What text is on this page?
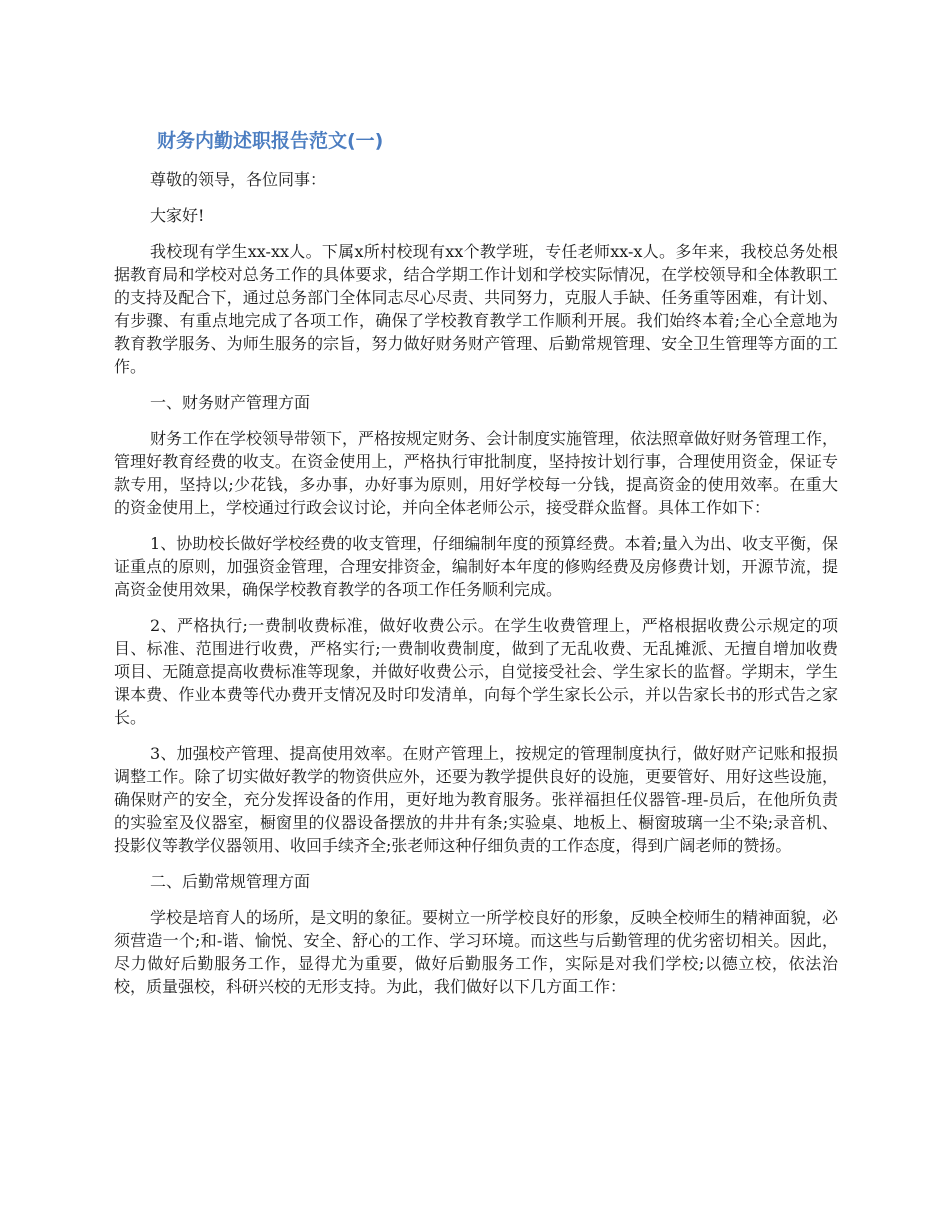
财务内勤述职报告范文(一)

尊敬的领导，各位同事：

大家好!

我校现有学生xx-xx人。下属x所村校现有xx个教学班，专任老师xx-x人。多年来，我校总务处根据教育局和学校对总务工作的具体要求，结合学期工作计划和学校实际情况，在学校领导和全体教职工的支持及配合下，通过总务部门全体同志尽心尽责、共同努力，克服人手缺、任务重等困难，有计划、有步骤、有重点地完成了各项工作，确保了学校教育教学工作顺利开展。我们始终本着;全心全意地为教育教学服务、为师生服务的宗旨，努力做好财务财产管理、后勤常规管理、安全卫生管理等方面的工作。

一、财务财产管理方面

财务工作在学校领导带领下，严格按规定财务、会计制度实施管理，依法照章做好财务管理工作，管理好教育经费的收支。在资金使用上，严格执行审批制度，坚持按计划行事，合理使用资金，保证专款专用，坚持以;少花钱，多办事，办好事为原则，用好学校每一分钱，提高资金的使用效率。在重大的资金使用上，学校通过行政会议讨论，并向全体老师公示，接受群众监督。具体工作如下：

1、协助校长做好学校经费的收支管理，仔细编制年度的预算经费。本着;量入为出、收支平衡，保证重点的原则，加强资金管理，合理安排资金，编制好本年度的修购经费及房修费计划，开源节流，提高资金使用效果，确保学校教育教学的各项工作任务顺利完成。

2、严格执行;一费制收费标准，做好收费公示。在学生收费管理上，严格根据收费公示规定的项目、标准、范围进行收费，严格实行;一费制收费制度，做到了无乱收费、无乱摊派、无擅自增加收费项目、无随意提高收费标准等现象，并做好收费公示，自觉接受社会、学生家长的监督。学期末，学生课本费、作业本费等代办费开支情况及时印发清单，向每个学生家长公示，并以告家长书的形式告之家长。

3、加强校产管理、提高使用效率。在财产管理上，按规定的管理制度执行，做好财产记账和报损调整工作。除了切实做好教学的物资供应外，还要为教学提供良好的设施，更要管好、用好这些设施，确保财产的安全，充分发挥设备的作用，更好地为教育服务。张祥福担任仪器管-理-员后，在他所负责的实验室及仪器室，橱窗里的仪器设备摆放的井井有条;实验桌、地板上、橱窗玻璃一尘不染;录音机、投影仪等教学仪器领用、收回手续齐全;张老师这种仔细负责的工作态度，得到广阔老师的赞扬。

二、后勤常规管理方面

学校是培育人的场所，是文明的象征。要树立一所学校良好的形象，反映全校师生的精神面貌，必须营造一个;和-谐、愉悦、安全、舒心的工作、学习环境。而这些与后勤管理的优劣密切相关。因此，尽力做好后勤服务工作，显得尤为重要，做好后勤服务工作，实际是对我们学校;以德立校，依法治校，质量强校，科研兴校的无形支持。为此，我们做好以下几方面工作：
